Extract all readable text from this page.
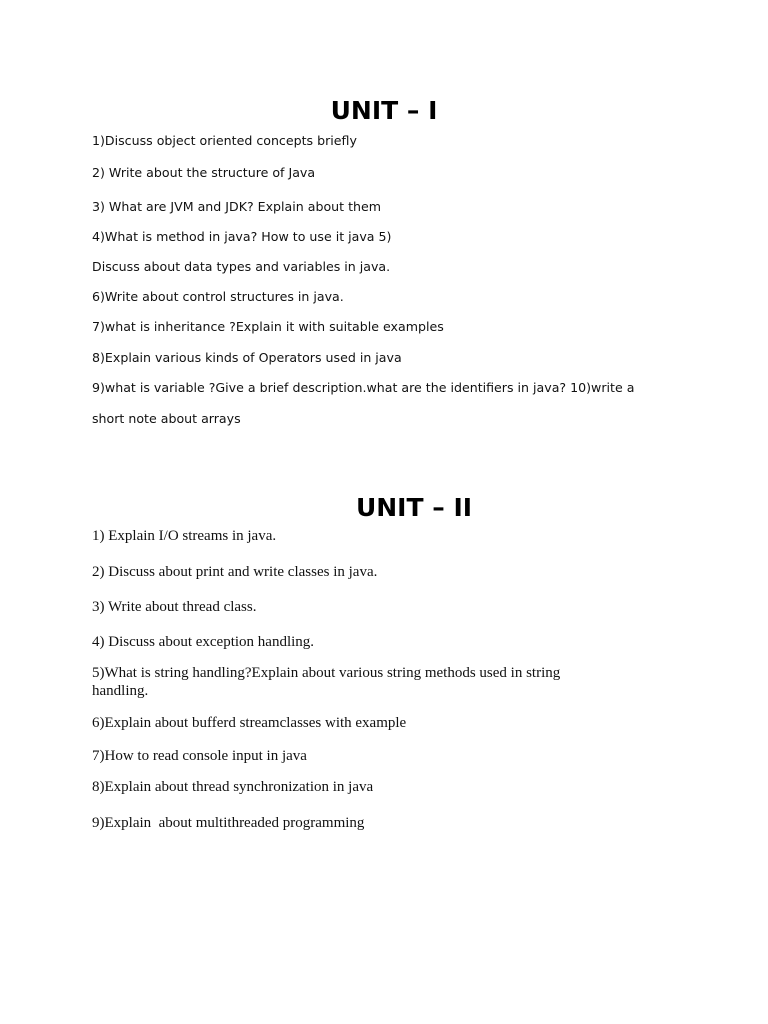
UNIT – I

1)Discuss object oriented concepts briefly

2) Write about the structure of Java

3) What are JVM and JDK? Explain about them

4)What is method in java? How to use it java 5)

Discuss about data types and variables in java.

6)Write about control structures in java.

7)what is inheritance ?Explain it with suitable examples

8)Explain various kinds of Operators used in java

9)what is variable ?Give a brief description.what are the identifiers in java? 10)write a

short note about arrays

UNIT – II

1) Explain I/O streams in java.

2) Discuss about print and write classes in java.

3) Write about thread class.

4) Discuss about exception handling.

5)What is string handling?Explain about various string methods used in string

handling.

6)Explain about bufferd streamclasses with example

7)How to read console input in java

8)Explain about thread synchronization in java

9)Explain  about multithreaded programming
